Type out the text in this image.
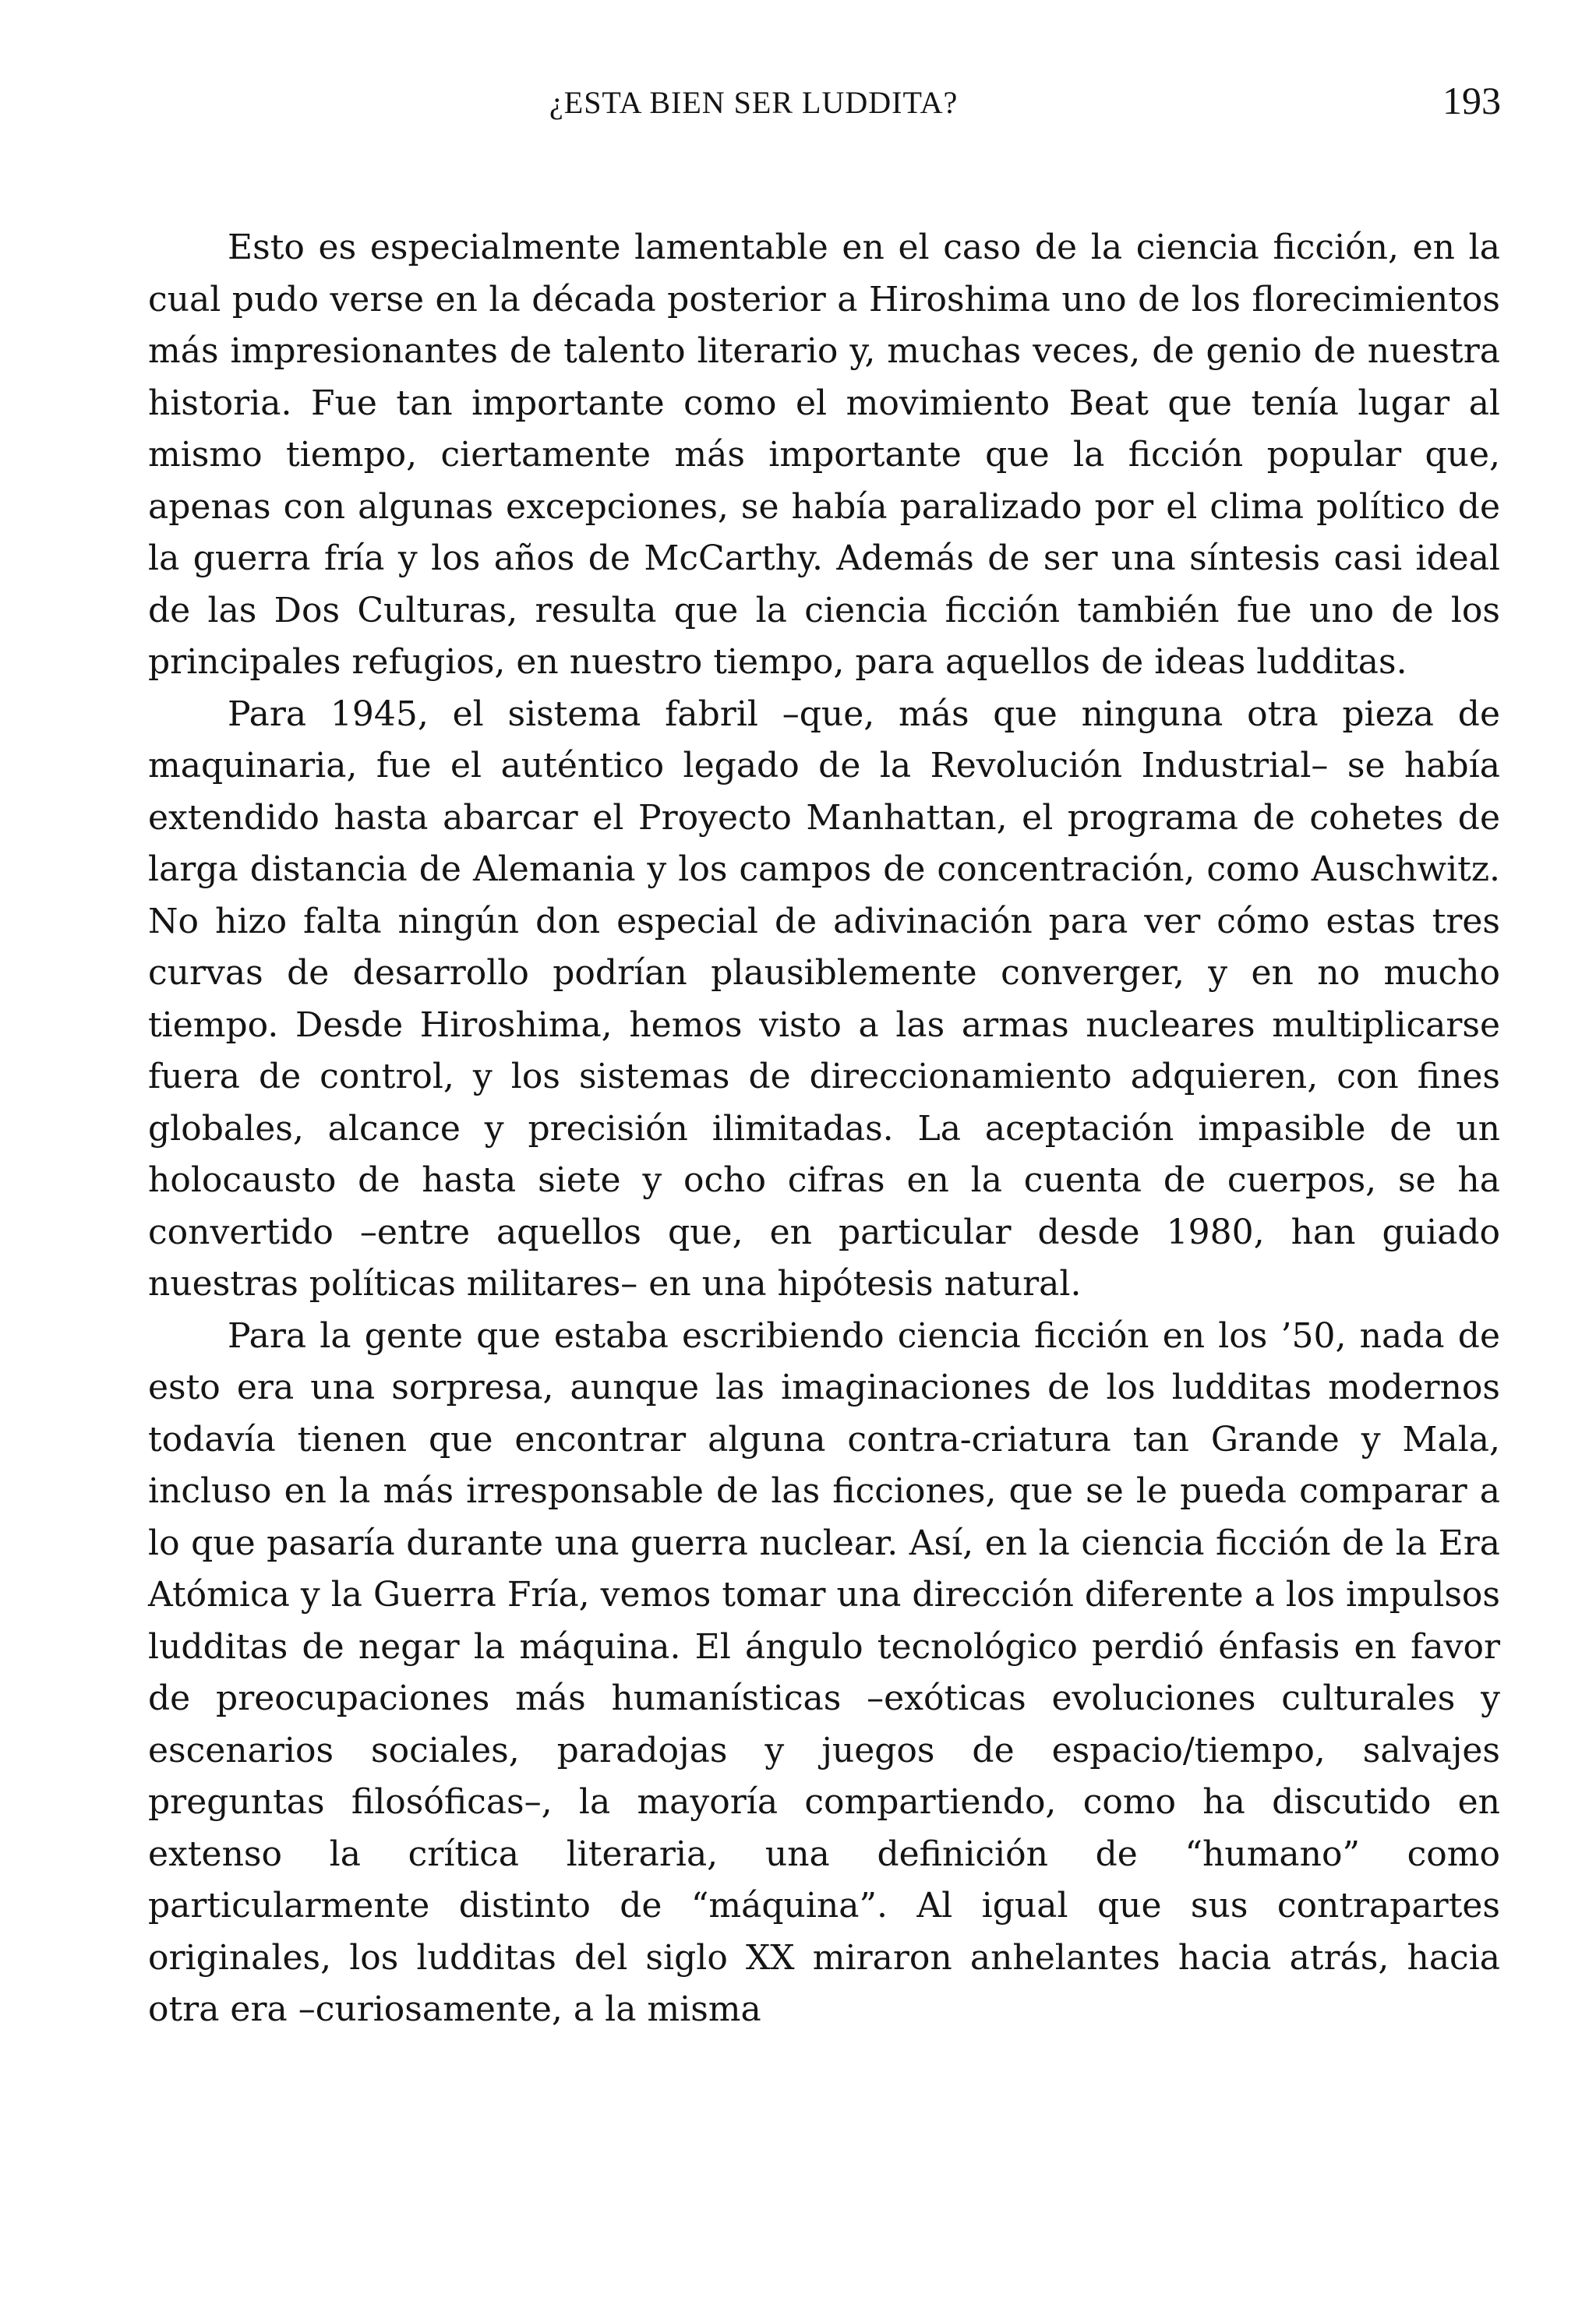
¿ESTA BIEN SER LUDDITA?	193

Esto es especialmente lamentable en el caso de la ciencia ficción, en la cual pudo verse en la década posterior a Hiroshima uno de los florecimientos más impresionantes de talento literario y, muchas veces, de genio de nuestra historia. Fue tan importante como el movimiento Beat que tenía lugar al mismo tiempo, ciertamente más importante que la ficción popular que, apenas con algunas excepciones, se había paralizado por el clima político de la guerra fría y los años de McCarthy. Además de ser una síntesis casi ideal de las Dos Culturas, resulta que la ciencia ficción también fue uno de los principales refugios, en nuestro tiempo, para aquellos de ideas ludditas.

Para 1945, el sistema fabril –que, más que ninguna otra pieza de maquinaria, fue el auténtico legado de la Revolución Industrial– se había extendido hasta abarcar el Proyecto Manhattan, el programa de cohetes de larga distancia de Alemania y los campos de concentración, como Auschwitz. No hizo falta ningún don especial de adivinación para ver cómo estas tres curvas de desarrollo podrían plausiblemente converger, y en no mucho tiempo. Desde Hiroshima, hemos visto a las armas nucleares multiplicarse fuera de control, y los sistemas de direccionamiento adquieren, con fines globales, alcance y precisión ilimitadas. La aceptación impasible de un holocausto de hasta siete y ocho cifras en la cuenta de cuerpos, se ha convertido –entre aquellos que, en particular desde 1980, han guiado nuestras políticas militares– en una hipótesis natural.

Para la gente que estaba escribiendo ciencia ficción en los ’50, nada de esto era una sorpresa, aunque las imaginaciones de los ludditas modernos todavía tienen que encontrar alguna contra-criatura tan Grande y Mala, incluso en la más irresponsable de las ficciones, que se le pueda comparar a lo que pasaría durante una guerra nuclear. Así, en la ciencia ficción de la Era Atómica y la Guerra Fría, vemos tomar una dirección diferente a los impulsos ludditas de negar la máquina. El ángulo tecnológico perdió énfasis en favor de preocupaciones más humanísticas –exóticas evoluciones culturales y escenarios sociales, paradojas y juegos de espacio/tiempo, salvajes preguntas filosóficas–, la mayoría compartiendo, como ha discutido en extenso la crítica literaria, una definición de “humano” como particularmente distinto de “máquina”. Al igual que sus contrapartes originales, los ludditas del siglo XX miraron anhelantes hacia atrás, hacia otra era –curiosamente, a la misma
